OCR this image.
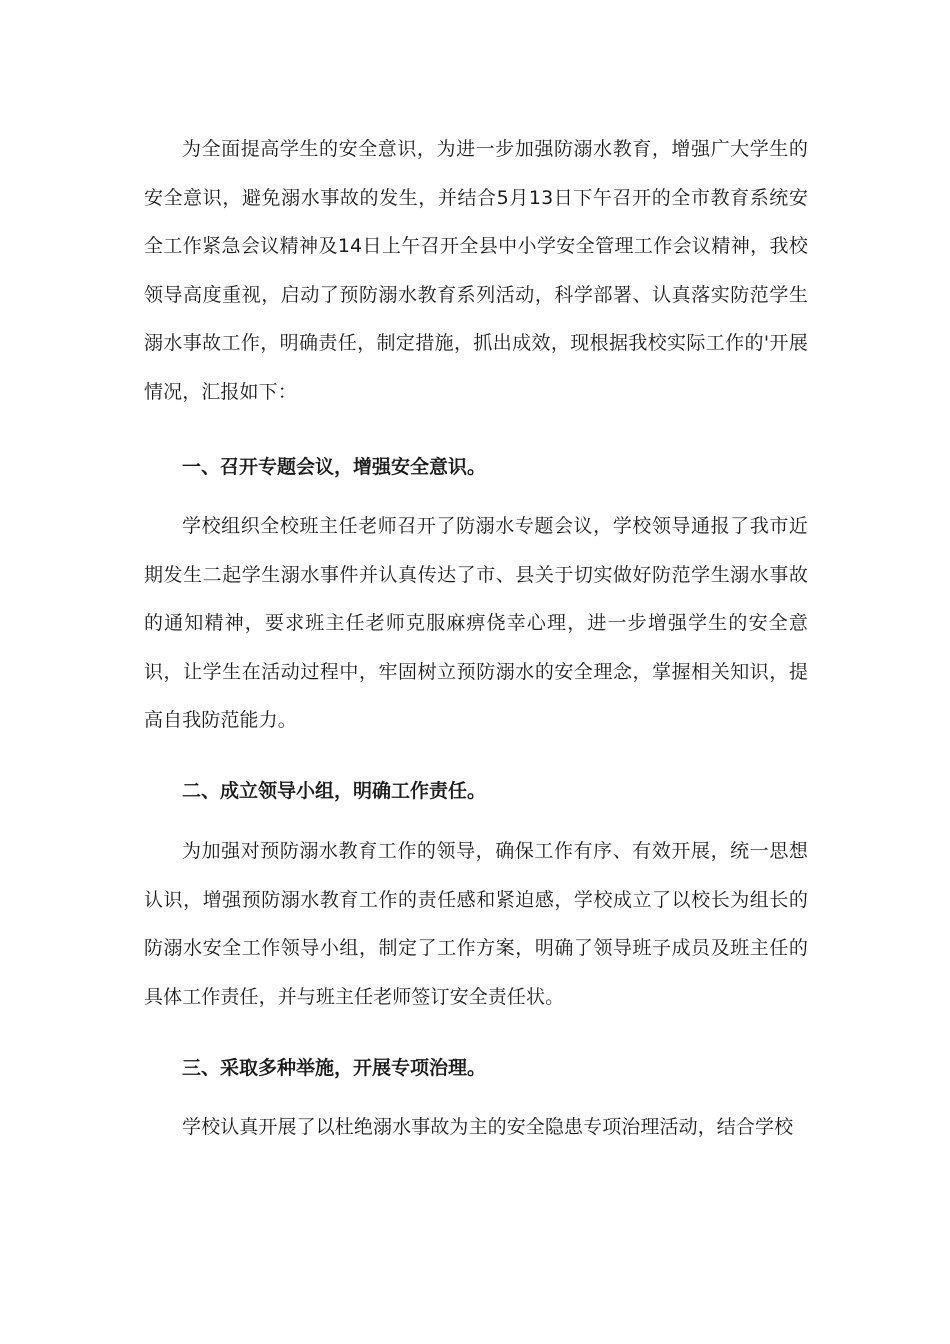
为全面提高学生的安全意识，为进一步加强防溺水教育，增强广大学生的安全意识，避免溺水事故的发生，并结合5月13日下午召开的全市教育系统安全工作紧急会议精神及14日上午召开全县中小学安全管理工作会议精神，我校领导高度重视，启动了预防溺水教育系列活动，科学部署、认真落实防范学生溺水事故工作，明确责任，制定措施，抓出成效，现根据我校实际工作的'开展情况，汇报如下：

一、召开专题会议，增强安全意识。

学校组织全校班主任老师召开了防溺水专题会议，学校领导通报了我市近期发生二起学生溺水事件并认真传达了市、县关于切实做好防范学生溺水事故的通知精神，要求班主任老师克服麻痹侥幸心理，进一步增强学生的安全意识，让学生在活动过程中，牢固树立预防溺水的安全理念，掌握相关知识，提高自我防范能力。

二、成立领导小组，明确工作责任。

为加强对预防溺水教育工作的领导，确保工作有序、有效开展，统一思想认识，增强预防溺水教育工作的责任感和紧迫感，学校成立了以校长为组长的防溺水安全工作领导小组，制定了工作方案，明确了领导班子成员及班主任的具体工作责任，并与班主任老师签订安全责任状。

三、采取多种举施，开展专项治理。

学校认真开展了以杜绝溺水事故为主的安全隐患专项治理活动，结合学校
